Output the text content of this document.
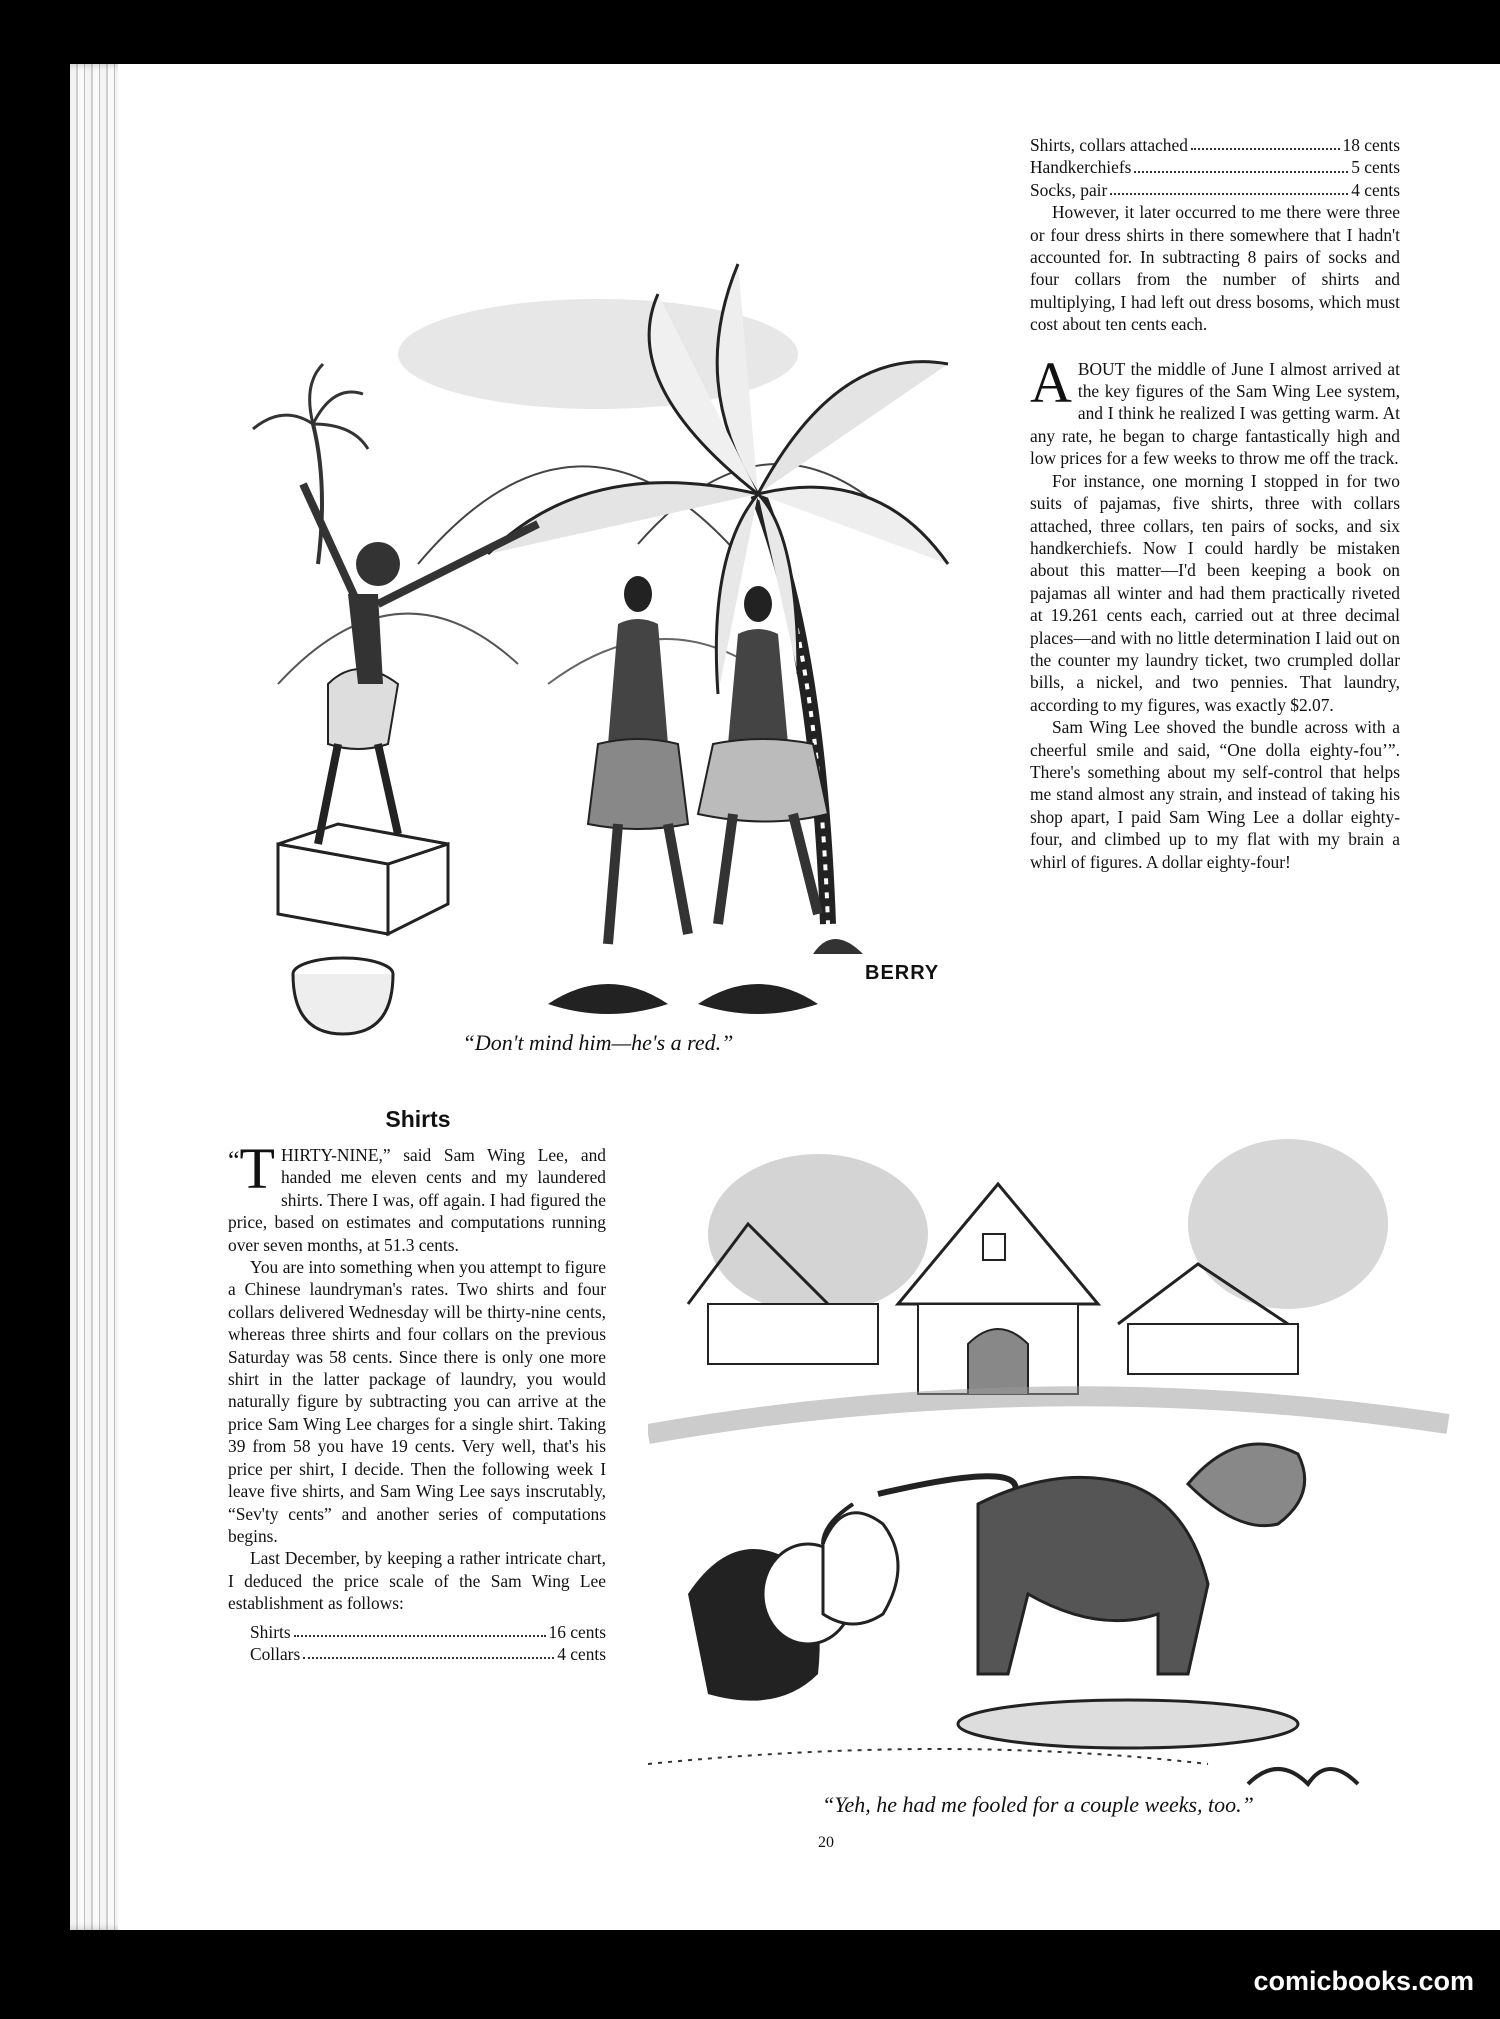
BERRY
“Don't mind him—he's a red.”
Shirts, collars attached	18 cents
Handkerchiefs	5 cents
Socks, pair	4 cents

However, it later occurred to me there were three or four dress shirts in there somewhere that I hadn't accounted for. In subtracting 8 pairs of socks and four collars from the number of shirts and multiplying, I had left out dress bosoms, which must cost about ten cents each.

ABOUT the middle of June I almost arrived at the key figures of the Sam Wing Lee system, and I think he realized I was getting warm. At any rate, he began to charge fantastically high and low prices for a few weeks to throw me off the track.

For instance, one morning I stopped in for two suits of pajamas, five shirts, three with collars attached, three collars, ten pairs of socks, and six handkerchiefs. Now I could hardly be mistaken about this matter—I'd been keeping a book on pajamas all winter and had them practically riveted at 19.261 cents each, carried out at three decimal places—and with no little determination I laid out on the counter my laundry ticket, two crumpled dollar bills, a nickel, and two pennies. That laundry, according to my figures, was exactly $2.07.

Sam Wing Lee shoved the bundle across with a cheerful smile and said, “One dolla eighty-fou’”. There's something about my self-control that helps me stand almost any strain, and instead of taking his shop apart, I paid Sam Wing Lee a dollar eighty-four, and climbed up to my flat with my brain a whirl of figures. A dollar eighty-four!

Shirts

“ T HIRTY-NINE,” said Sam Wing Lee, and handed me eleven cents and my laundered shirts. There I was, off again. I had figured the price, based on estimates and computations running over seven months, at 51.3 cents.

You are into something when you attempt to figure a Chinese laundryman's rates. Two shirts and four collars delivered Wednesday will be thirty-nine cents, whereas three shirts and four collars on the previous Saturday was 58 cents. Since there is only one more shirt in the latter package of laundry, you would naturally figure by subtracting you can arrive at the price Sam Wing Lee charges for a single shirt. Taking 39 from 58 you have 19 cents. Very well, that's his price per shirt, I decide. Then the following week I leave five shirts, and Sam Wing Lee says inscrutably, “Sev'ty cents” and another series of computations begins.

Last December, by keeping a rather intricate chart, I deduced the price scale of the Sam Wing Lee establishment as follows:

Shirts	16 cents
Collars	4 cents
“Yeh, he had me fooled for a couple weeks, too.”
20
comicbooks.com
